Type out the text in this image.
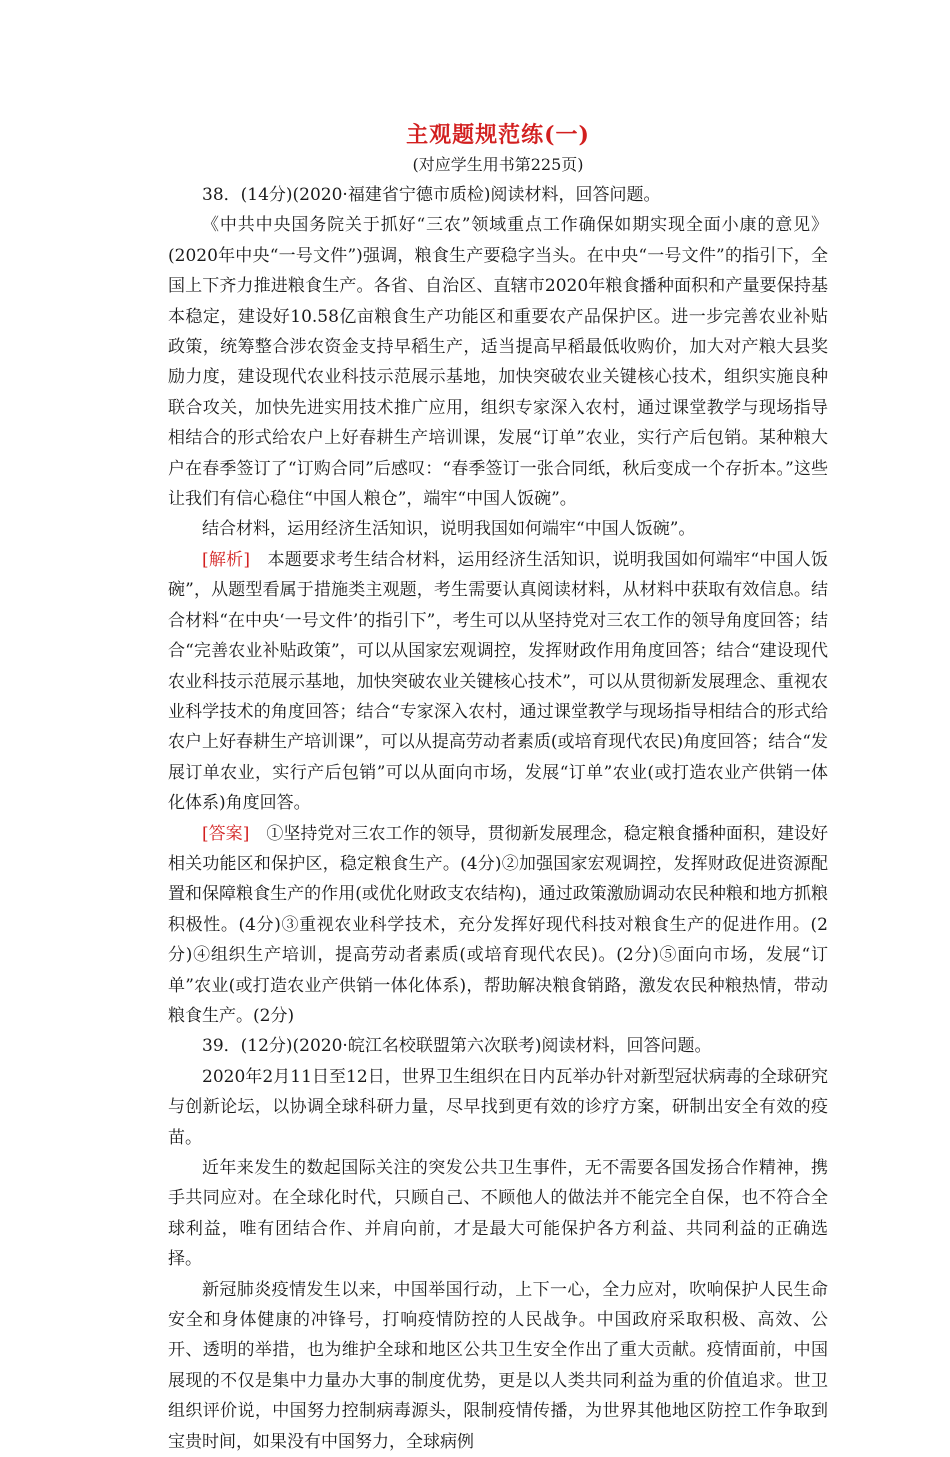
主观题规范练(一)
(对应学生用书第225页)

38．(14分)(2020·福建省宁德市质检)阅读材料，回答问题。

《中共中央国务院关于抓好“三农”领域重点工作确保如期实现全面小康的意见》(2020年中央“一号文件”)强调，粮食生产要稳字当头。在中央“一号文件”的指引下，全国上下齐力推进粮食生产。各省、自治区、直辖市2020年粮食播种面积和产量要保持基本稳定，建设好10.58亿亩粮食生产功能区和重要农产品保护区。进一步完善农业补贴政策，统筹整合涉农资金支持早稻生产，适当提高早稻最低收购价，加大对产粮大县奖励力度，建设现代农业科技示范展示基地，加快突破农业关键核心技术，组织实施良种联合攻关，加快先进实用技术推广应用，组织专家深入农村，通过课堂教学与现场指导相结合的形式给农户上好春耕生产培训课，发展“订单”农业，实行产后包销。某种粮大户在春季签订了“订购合同”后感叹：“春季签订一张合同纸，秋后变成一个存折本。”这些让我们有信心稳住“中国人粮仓”，端牢“中国人饭碗”。

结合材料，运用经济生活知识，说明我国如何端牢“中国人饭碗”。

[解析]　 本题要求考生结合材料，运用经济生活知识，说明我国如何端牢“中国人饭碗”，从题型看属于措施类主观题，考生需要认真阅读材料，从材料中获取有效信息。结合材料“在中央‘一号文件’的指引下”，考生可以从坚持党对三农工作的领导角度回答；结合“完善农业补贴政策”，可以从国家宏观调控，发挥财政作用角度回答；结合“建设现代农业科技示范展示基地，加快突破农业关键核心技术”，可以从贯彻新发展理念、重视农业科学技术的角度回答；结合“专家深入农村，通过课堂教学与现场指导相结合的形式给农户上好春耕生产培训课”，可以从提高劳动者素质(或培育现代农民)角度回答；结合“发展订单农业，实行产后包销”可以从面向市场，发展“订单”农业(或打造农业产供销一体化体系)角度回答。

[答案]　 ①坚持党对三农工作的领导，贯彻新发展理念，稳定粮食播种面积，建设好相关功能区和保护区，稳定粮食生产。(4分)②加强国家宏观调控，发挥财政促进资源配置和保障粮食生产的作用(或优化财政支农结构)，通过政策激励调动农民种粮和地方抓粮积极性。(4分)③重视农业科学技术，充分发挥好现代科技对粮食生产的促进作用。(2分)④组织生产培训，提高劳动者素质(或培育现代农民)。(2分)⑤面向市场，发展“订单”农业(或打造农业产供销一体化体系)，帮助解决粮食销路，激发农民种粮热情，带动粮食生产。(2分)

39．(12分)(2020·皖江名校联盟第六次联考)阅读材料，回答问题。

2020年2月11日至12日，世界卫生组织在日内瓦举办针对新型冠状病毒的全球研究与创新论坛，以协调全球科研力量，尽早找到更有效的诊疗方案，研制出安全有效的疫苗。

近年来发生的数起国际关注的突发公共卫生事件，无不需要各国发扬合作精神，携手共同应对。在全球化时代，只顾自己、不顾他人的做法并不能完全自保，也不符合全球利益，唯有团结合作、并肩向前，才是最大可能保护各方利益、共同利益的正确选择。

新冠肺炎疫情发生以来，中国举国行动，上下一心，全力应对，吹响保护人民生命安全和身体健康的冲锋号，打响疫情防控的人民战争。中国政府采取积极、高效、公开、透明的举措，也为维护全球和地区公共卫生安全作出了重大贡献。疫情面前，中国展现的不仅是集中力量办大事的制度优势，更是以人类共同利益为重的价值追求。世卫组织评价说，中国努力控制病毒源头，限制疫情传播，为世界其他地区防控工作争取到宝贵时间，如果没有中国努力，全球病例
